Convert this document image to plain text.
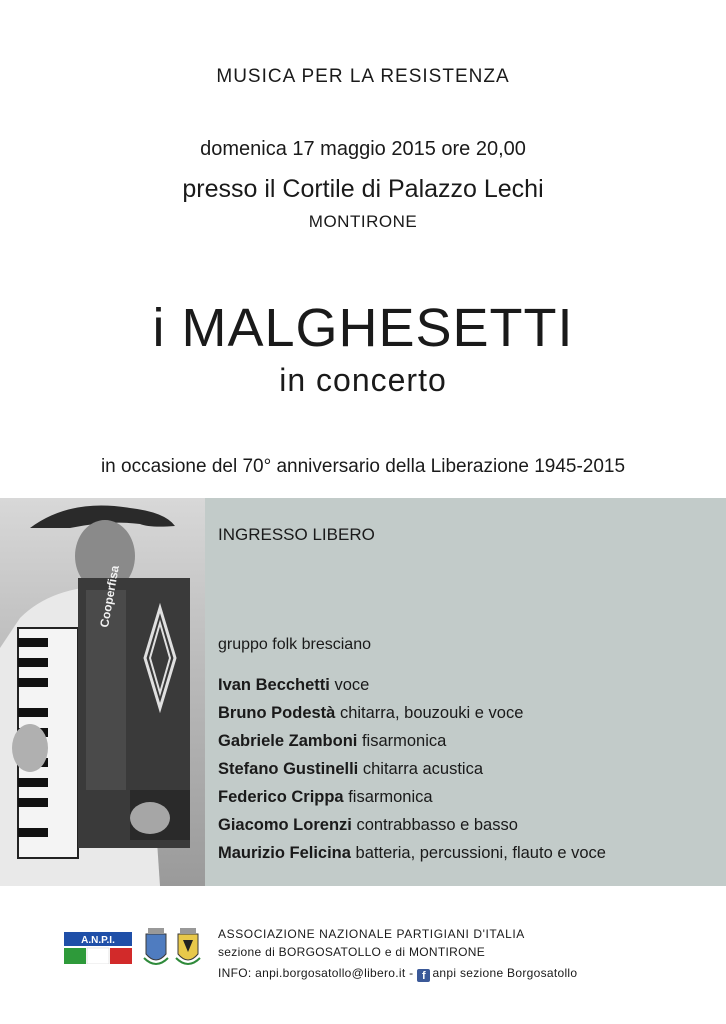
MUSICA PER LA RESISTENZA
domenica 17 maggio 2015 ore 20,00
presso il Cortile di Palazzo Lechi
MONTIRONE
i MALGHESETTI
in concerto
in occasione del 70° anniversario della Liberazione 1945-2015
Cooperfisa
INGRESSO LIBERO
gruppo folk bresciano
Ivan Becchetti voce
Bruno Podestà chitarra, bouzouki e voce
Gabriele Zamboni fisarmonica
Stefano Gustinelli chitarra acustica
Federico Crippa fisarmonica
Giacomo Lorenzi contrabbasso e basso
Maurizio Felicina batteria, percussioni, flauto e voce
A.N.P.I.	ASSOCIAZIONE NAZIONALE PARTIGIANI D'ITALIA
sezione di BORGOSATOLLO e di MONTIRONE
INFO: anpi.borgosatollo@libero.it - f anpi sezione Borgosatollo
